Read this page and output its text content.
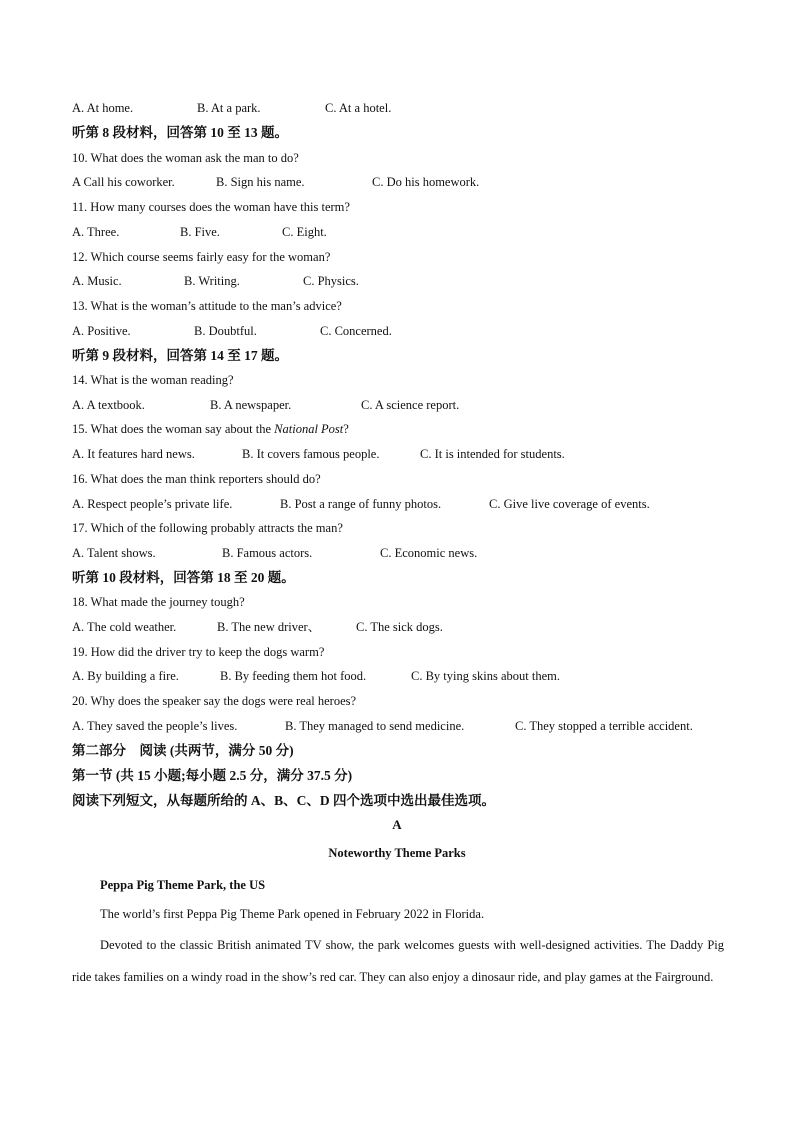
A. At home.	B. At a park.	C. At a hotel.
听第 8 段材料，回答第 10 至 13 题。
10. What does the woman ask the man to do?
A Call his coworker.	B. Sign his name.	C. Do his homework.
11. How many courses does the woman have this term?
A. Three.	B. Five.	C. Eight.
12. Which course seems fairly easy for the woman?
A. Music.	B. Writing.	C. Physics.
13. What is the woman’s attitude to the man’s advice?
A. Positive.	B. Doubtful.	C. Concerned.
听第 9 段材料，回答第 14 至 17 题。
14. What is the woman reading?
A. A textbook.	B. A newspaper.	C. A science report.
15. What does the woman say about the National Post?
A. It features hard news.	B. It covers famous people.	C. It is intended for students.
16. What does the man think reporters should do?
A. Respect people’s private life.	B. Post a range of funny photos.	C. Give live coverage of events.
17. Which of the following probably attracts the man?
A. Talent shows.	B. Famous actors.	C. Economic news.
听第 10 段材料，回答第 18 至 20 题。
18. What made the journey tough?
A. The cold weather.	B. The new driver、	C. The sick dogs.
19. How did the driver try to keep the dogs warm?
A. By building a fire.	B. By feeding them hot food.	C. By tying skins about them.
20. Why does the speaker say the dogs were real heroes?
A. They saved the people’s lives.	B. They managed to send medicine.	C. They stopped a terrible accident.
第二部分　阅读 (共两节，满分 50 分)
第一节 (共 15 小题;每小题 2.5 分，满分 37.5 分)
阅读下列短文，从每题所给的 A、B、C、D 四个选项中选出最佳选项。
A
Noteworthy Theme Parks
Peppa Pig Theme Park, the US
The world’s first Peppa Pig Theme Park opened in February 2022 in Florida.
Devoted to the classic British animated TV show, the park welcomes guests with well-designed activities. The Daddy Pig ride takes families on a windy road in the show’s red car. They can also enjoy a dinosaur ride, and play games at the Fairground.
